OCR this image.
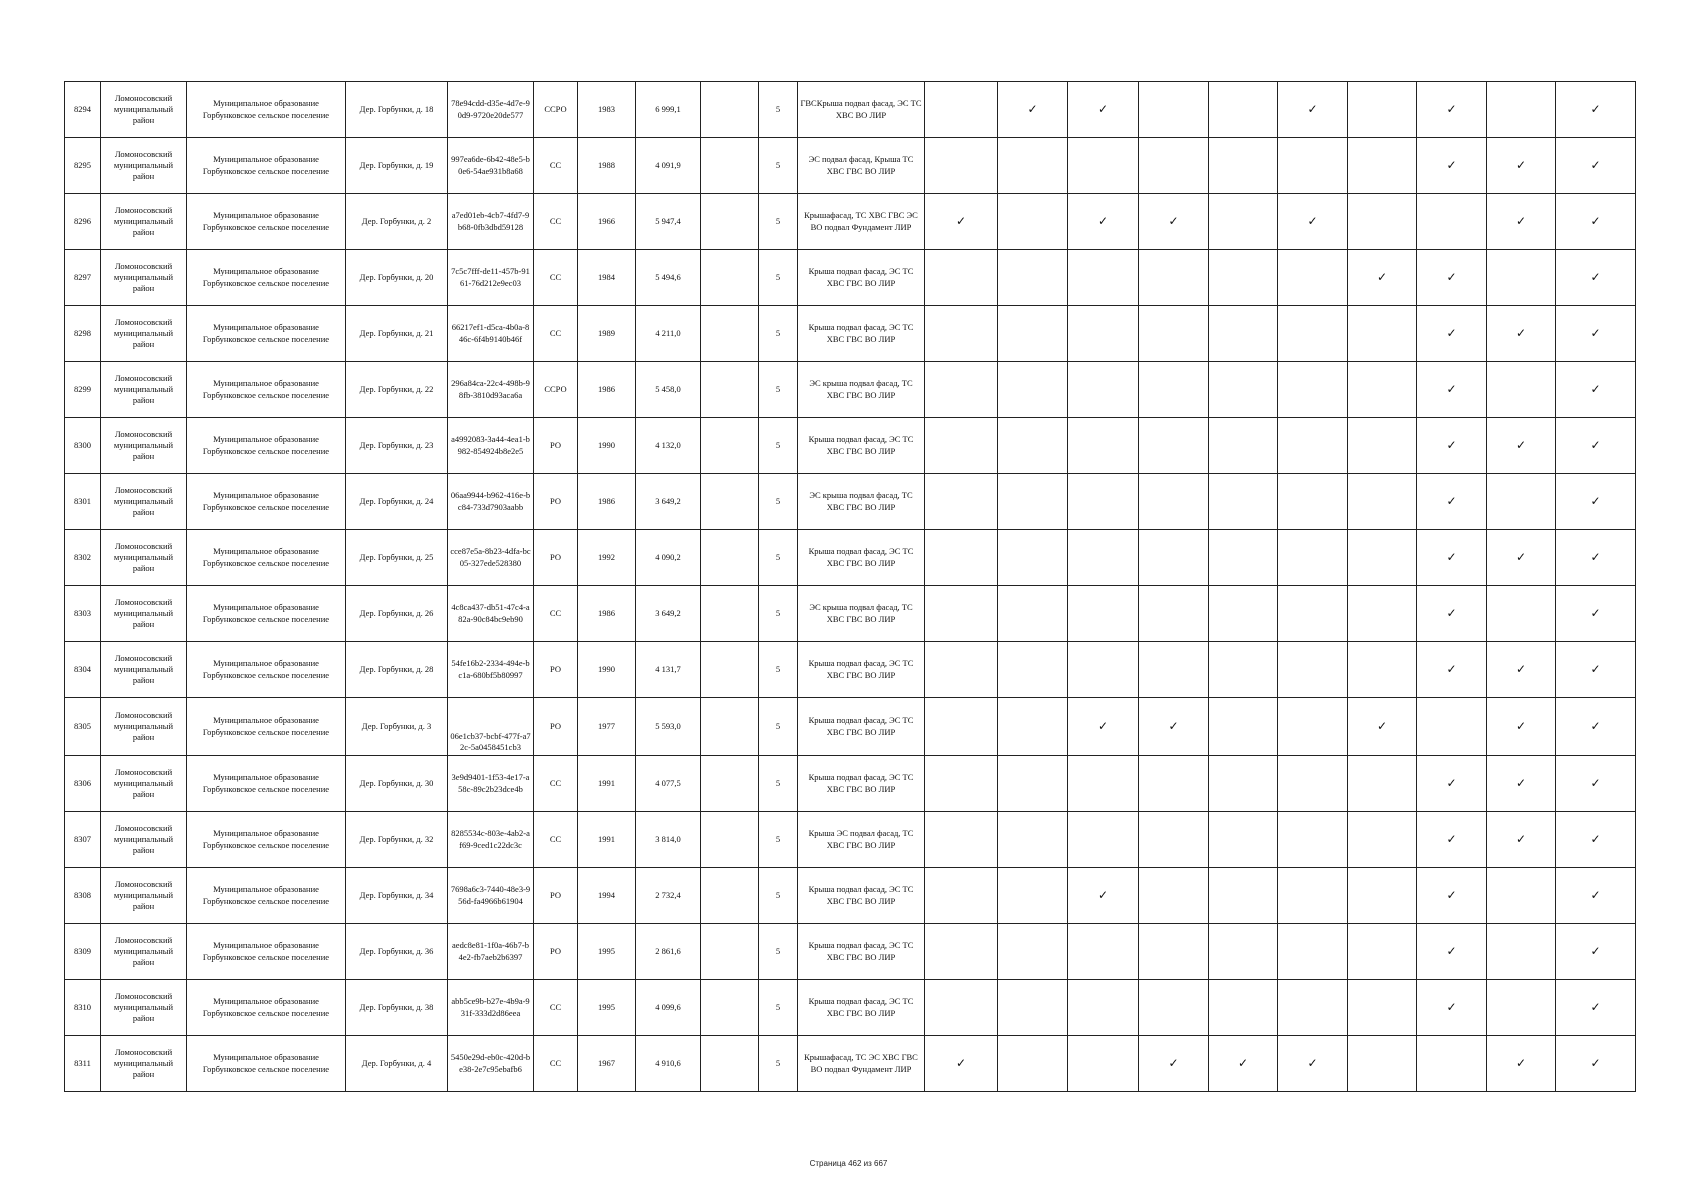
8294	Ломоносовский муниципальный район	Муниципальное образование Горбунковское сельское поселение	Дер. Горбунки, д. 18	78e94cdd-d35e-4d7e-90d9-9720e20de577	ССРО	1983	6 999,1		5	ГВСКрыша подвал фасад, ЭС ТС ХВС ВО ЛИР		✓	✓			✓		✓		✓
8295	Ломоносовский муниципальный район	Муниципальное образование Горбунковское сельское поселение	Дер. Горбунки, д. 19	997ea6de-6b42-48e5-b0e6-54ae931b8a68	СС	1988	4 091,9		5	ЭС подвал фасад, Крыша ТС ХВС ГВС ВО ЛИР								✓	✓	✓
8296	Ломоносовский муниципальный район	Муниципальное образование Горбунковское сельское поселение	Дер. Горбунки, д. 2	a7ed01eb-4cb7-4fd7-9b68-0fb3dbd59128	СС	1966	5 947,4		5	Крышафасад, ТС ХВС ГВС ЭС ВО подвал Фундамент ЛИР	✓		✓	✓		✓			✓	✓
8297	Ломоносовский муниципальный район	Муниципальное образование Горбунковское сельское поселение	Дер. Горбунки, д. 20	7c5c7fff-de11-457b-9161-76d212e9ec03	СС	1984	5 494,6		5	Крыша подвал фасад, ЭС ТС ХВС ГВС ВО ЛИР							✓	✓		✓
8298	Ломоносовский муниципальный район	Муниципальное образование Горбунковское сельское поселение	Дер. Горбунки, д. 21	66217ef1-d5ca-4b0a-846c-6f4b9140b46f	СС	1989	4 211,0		5	Крыша подвал фасад, ЭС ТС ХВС ГВС ВО ЛИР								✓	✓	✓
8299	Ломоносовский муниципальный район	Муниципальное образование Горбунковское сельское поселение	Дер. Горбунки, д. 22	296a84ca-22c4-498b-98fb-3810d93aca6a	ССРО	1986	5 458,0		5	ЭС крыша подвал фасад, ТС ХВС ГВС ВО ЛИР								✓		✓
8300	Ломоносовский муниципальный район	Муниципальное образование Горбунковское сельское поселение	Дер. Горбунки, д. 23	a4992083-3a44-4ea1-b982-854924b8e2e5	РО	1990	4 132,0		5	Крыша подвал фасад, ЭС ТС ХВС ГВС ВО ЛИР								✓	✓	✓
8301	Ломоносовский муниципальный район	Муниципальное образование Горбунковское сельское поселение	Дер. Горбунки, д. 24	06aa9944-b962-416e-bc84-733d7903aabb	РО	1986	3 649,2		5	ЭС крыша подвал фасад, ТС ХВС ГВС ВО ЛИР								✓		✓
8302	Ломоносовский муниципальный район	Муниципальное образование Горбунковское сельское поселение	Дер. Горбунки, д. 25	cce87e5a-8b23-4dfa-bc05-327ede528380	РО	1992	4 090,2		5	Крыша подвал фасад, ЭС ТС ХВС ГВС ВО ЛИР								✓	✓	✓
8303	Ломоносовский муниципальный район	Муниципальное образование Горбунковское сельское поселение	Дер. Горбунки, д. 26	4c8ca437-db51-47c4-a82a-90c84bc9eb90	СС	1986	3 649,2		5	ЭС крыша подвал фасад, ТС ХВС ГВС ВО ЛИР								✓		✓
8304	Ломоносовский муниципальный район	Муниципальное образование Горбунковское сельское поселение	Дер. Горбунки, д. 28	54fe16b2-2334-494e-bc1a-680bf5b80997	РО	1990	4 131,7		5	Крыша подвал фасад, ЭС ТС ХВС ГВС ВО ЛИР								✓	✓	✓
8305	Ломоносовский муниципальный район	Муниципальное образование Горбунковское сельское поселение	Дер. Горбунки, д. 3	06e1cb37-bcbf-477f-a72c-5a0458451cb3	РО	1977	5 593,0		5	Крыша подвал фасад, ЭС ТС ХВС ГВС ВО ЛИР			✓	✓			✓		✓	✓
8306	Ломоносовский муниципальный район	Муниципальное образование Горбунковское сельское поселение	Дер. Горбунки, д. 30	3e9d9401-1f53-4e17-a58c-89c2b23dce4b	СС	1991	4 077,5		5	Крыша подвал фасад, ЭС ТС ХВС ГВС ВО ЛИР								✓	✓	✓
8307	Ломоносовский муниципальный район	Муниципальное образование Горбунковское сельское поселение	Дер. Горбунки, д. 32	8285534c-803e-4ab2-af69-9ced1c22dc3c	СС	1991	3 814,0		5	Крыша ЭС подвал фасад, ТС ХВС ГВС ВО ЛИР								✓	✓	✓
8308	Ломоносовский муниципальный район	Муниципальное образование Горбунковское сельское поселение	Дер. Горбунки, д. 34	7698a6c3-7440-48e3-956d-fa4966b61904	РО	1994	2 732,4		5	Крыша подвал фасад, ЭС ТС ХВС ГВС ВО ЛИР			✓					✓		✓
8309	Ломоносовский муниципальный район	Муниципальное образование Горбунковское сельское поселение	Дер. Горбунки, д. 36	aedc8e81-1f0a-46b7-b4e2-fb7aeb2b6397	РО	1995	2 861,6		5	Крыша подвал фасад, ЭС ТС ХВС ГВС ВО ЛИР								✓		✓
8310	Ломоносовский муниципальный район	Муниципальное образование Горбунковское сельское поселение	Дер. Горбунки, д. 38	abb5ce9b-b27e-4b9a-931f-333d2d86eea	СС	1995	4 099,6		5	Крыша подвал фасад, ЭС ТС ХВС ГВС ВО ЛИР								✓		✓
8311	Ломоносовский муниципальный район	Муниципальное образование Горбунковское сельское поселение	Дер. Горбунки, д. 4	5450e29d-eb0c-420d-be38-2e7c95ebafb6	СС	1967	4 910,6		5	Крышафасад, ТС ЭС ХВС ГВС ВО подвал Фундамент ЛИР	✓			✓	✓	✓			✓	✓
Страница 462 из 667
